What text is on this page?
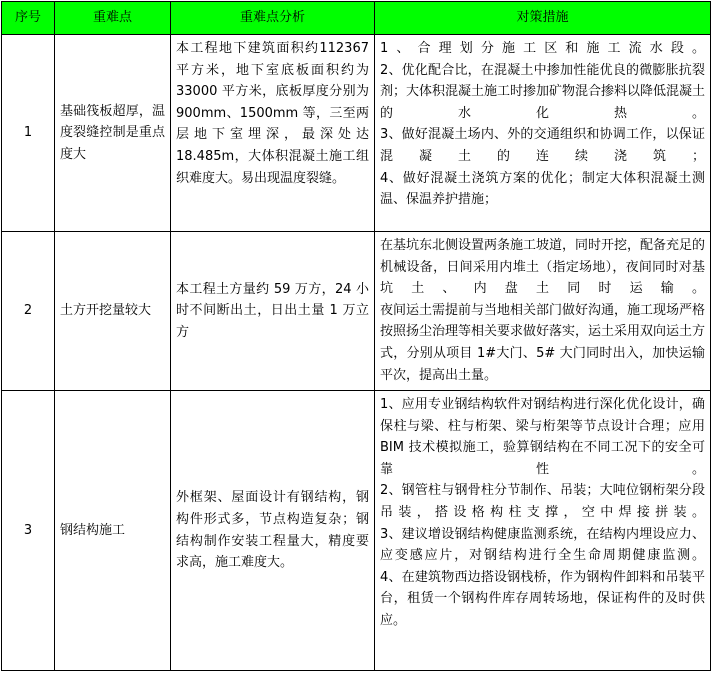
序号	重难点	重难点分析	对策措施
1	基础筏板超厚，温度裂缝控制是重点度大	本工程地下建筑面积约112367 平方米，地下室底板面积约为 33000 平方米，底板厚度分别为 900mm、1500mm 等，三至两层地下室埋深，最深处达 18.485m，大体积混凝土施工组织难度大。易出现温度裂缝。	1、合理划分施工区和施工流水段。
2、优化配合比，在混凝土中掺加性能优良的微膨胀抗裂剂；大体积混凝土施工时掺加矿物混合掺料以降低混凝土的水化热。
3、做好混凝土场内、外的交通组织和协调工作，以保证混凝土的连续浇筑；
4、做好混凝土浇筑方案的优化；制定大体积混凝土测温、保温养护措施；

2	土方开挖量较大	本工程土方量约 59 万方，24 小时不间断出土，日出土量 1 万立方	在基坑东北侧设置两条施工坡道，同时开挖，配备充足的机械设备，日间采用内堆土（指定场地），夜间同时对基坑土、内盘土同时运输。
夜间运土需提前与当地相关部门做好沟通，施工现场严格按照扬尘治理等相关要求做好落实，运土采用双向运土方式，分别从项目 1#大门、5# 大门同时出入，加快运输平次，提高出土量。

3	钢结构施工	外框架、屋面设计有钢结构，钢构件形式多，节点构造复杂；钢结构制作安装工程量大，精度要求高，施工难度大。	1、应用专业钢结构软件对钢结构进行深化优化设计，确保柱与梁、柱与桁架、梁与桁架等节点设计合理；应用 BIM 技术模拟施工，验算钢结构在不同工况下的安全可靠性。
2、钢管柱与钢骨柱分节制作、吊装；大吨位钢桁架分段吊装，搭设格构柱支撑，空中焊接拼装。
3、建议增设钢结构健康监测系统，在结构内埋设应力、应变感应片，对钢结构进行全生命周期健康监测。
4、在建筑物西边搭设钢栈桥，作为钢构件卸料和吊装平台，租赁一个钢构件库存周转场地，保证构件的及时供应。
